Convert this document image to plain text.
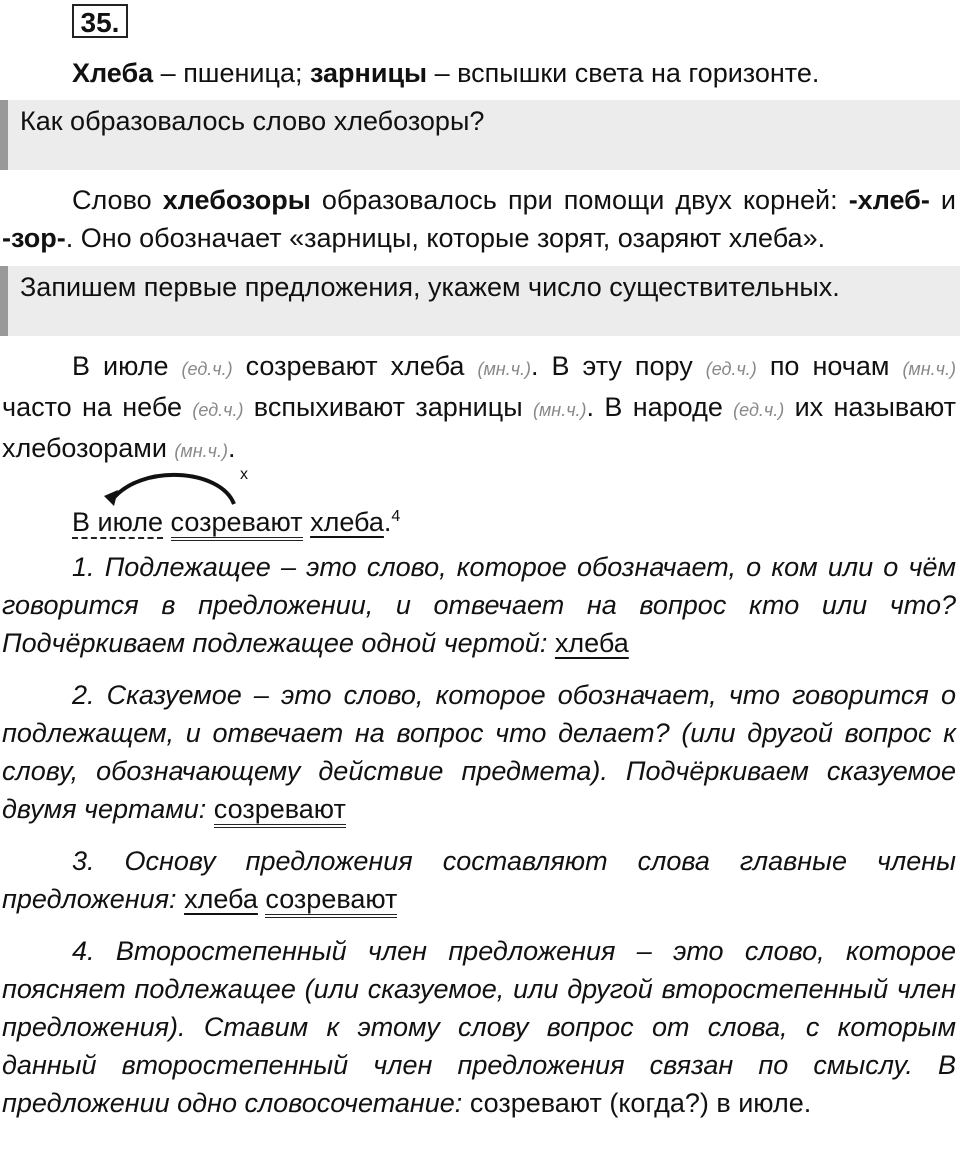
35.
Хлеба – пшеница; зарницы – вспышки света на горизонте.
Как образовалось слово хлебозоры?
Слово хлебозоры образовалось при помощи двух корней: -хлеб- и -зор-. Оно обозначает «зарницы, которые зорят, озаряют хлеба».
Запишем первые предложения, укажем число существительных.
В июле (ед.ч.) созревают хлеба (мн.ч.). В эту пору (ед.ч.) по ночам (мн.ч.) часто на небе (ед.ч.) вспыхивают зарницы (мн.ч.). В народе (ед.ч.) их называют хлебозорами (мн.ч.).
x
В июле созревают хлеба.$^4$
1. Подлежащее – это слово, которое обозначает, о ком или о чём говорится в предложении, и отвечает на вопрос кто или что? Подчёркиваем подлежащее одной чертой: хлеба
2. Сказуемое – это слово, которое обозначает, что говорится о подлежащем, и отвечает на вопрос что делает? (или другой вопрос к слову, обозначающему действие предмета). Подчёркиваем сказуемое двумя чертами: созревают
3. Основу предложения составляют слова главные члены предложения: хлеба созревают
4. Второстепенный член предложения – это слово, которое поясняет подлежащее (или сказуемое, или другой второстепенный член предложения). Ставим к этому слову вопрос от слова, с которым данный второстепенный член предложения связан по смыслу. В предложении одно словосочетание: созревают (когда?) в июле.
